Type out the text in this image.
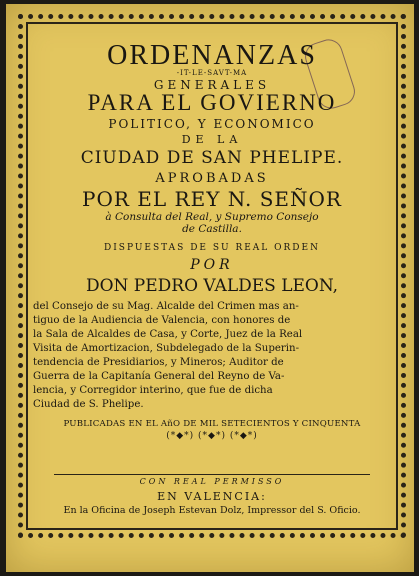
ORDENANZAS
-IT-LE-SAVT-MA
GENERALES
PARA EL GOVIERNO
POLITICO, Y ECONOMICO
DE LA
CIUDAD DE SAN PHELIPE.
APROBADAS
POR EL REY N. SEÑOR
à Consulta del Real, y Supremo Consejo
de Castilla.
DISPUESTAS DE SU REAL ORDEN
POR
DON PEDRO VALDES LEON,
del Consejo de su Mag. Alcalde del Crimen mas an-
tiguo de la Audiencia de Valencia, con honores de
la Sala de Alcaldes de Casa, y Corte, Juez de la Real
Visita de Amortizacion, Subdelegado de la Superin-
tendencia de Presidiarios, y Mineros; Auditor de
Guerra de la Capitanía General del Reyno de Va-
lencia, y Corregidor interino, que fue de dicha
Ciudad de S. Phelipe.
PUBLICADAS EN EL AñO DE MIL SETECIENTOS Y CINQUENTA
(*◆*) (*◆*) (*◆*)
CON REAL PERMISSO
EN VALENCIA:
En la Oficina de Joseph Estevan Dolz, Impressor del S. Oficio.
